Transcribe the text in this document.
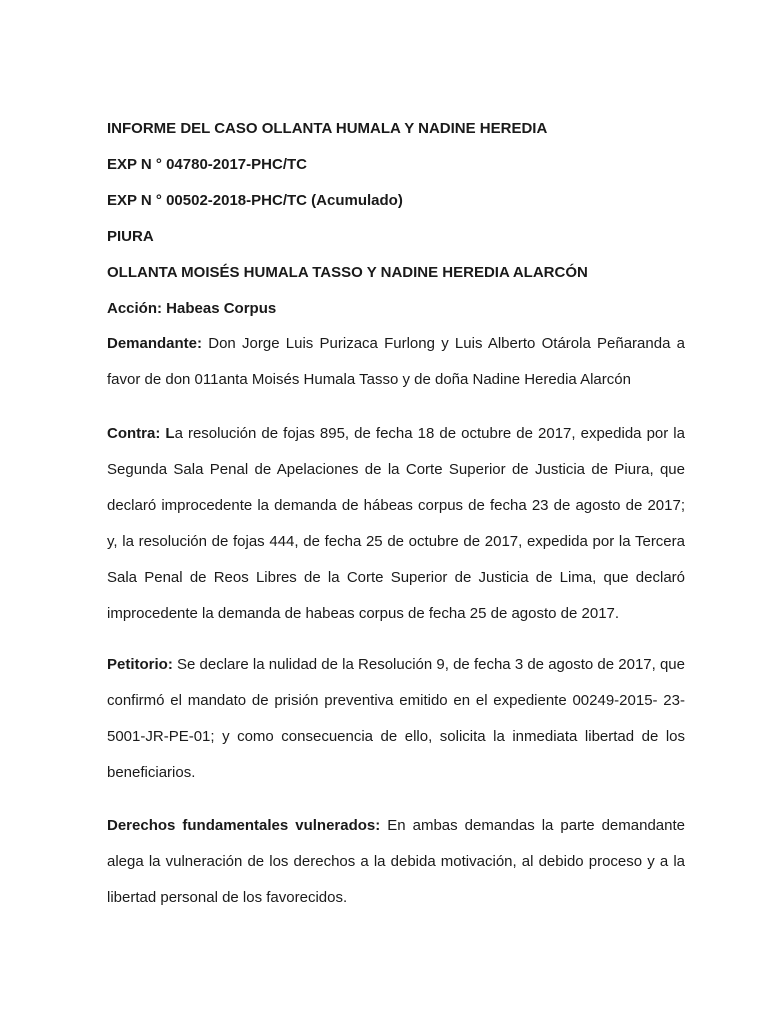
INFORME DEL CASO OLLANTA HUMALA Y NADINE HEREDIA
EXP N ° 04780-2017-PHC/TC
EXP N ° 00502-2018-PHC/TC (Acumulado)
PIURA
OLLANTA MOISÉS HUMALA TASSO Y NADINE HEREDIA ALARCÓN
Acción: Habeas Corpus
Demandante: Don Jorge Luis Purizaca Furlong y Luis Alberto Otárola Peñaranda a favor de don 011anta Moisés Humala Tasso y de doña Nadine Heredia Alarcón
Contra: La resolución de fojas 895, de fecha 18 de octubre de 2017, expedida por la Segunda Sala Penal de Apelaciones de la Corte Superior de Justicia de Piura, que declaró improcedente la demanda de hábeas corpus de fecha 23 de agosto de 2017; y, la resolución de fojas 444, de fecha 25 de octubre de 2017, expedida por la Tercera Sala Penal de Reos Libres de la Corte Superior de Justicia de Lima, que declaró improcedente la demanda de habeas corpus de fecha 25 de agosto de 2017.
Petitorio: Se declare la nulidad de la Resolución 9, de fecha 3 de agosto de 2017, que confirmó el mandato de prisión preventiva emitido en el expediente 00249-2015- 23-5001-JR-PE-01; y como consecuencia de ello, solicita la inmediata libertad de los beneficiarios.
Derechos fundamentales vulnerados: En ambas demandas la parte demandante alega la vulneración de los derechos a la debida motivación, al debido proceso y a la libertad personal de los favorecidos.
